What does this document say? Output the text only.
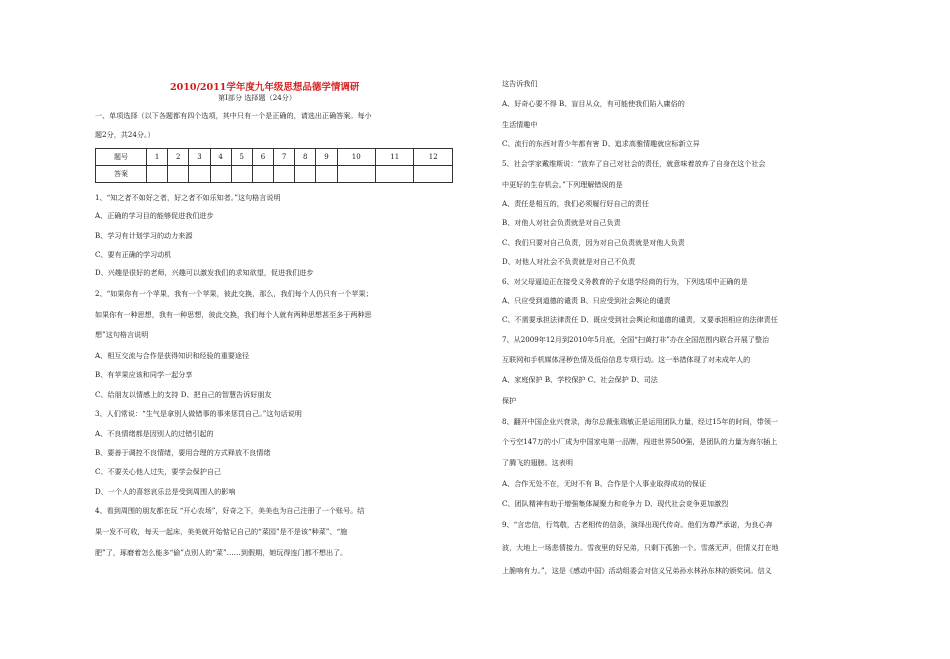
2010/2011学年度九年级思想品德学情调研
第Ⅰ部分 选择题（24分）
一、单项选择（以下各题都有四个选项，其中只有一个是正确的，请选出正确答案。每小
题2分，共24分。）
1、“知之者不如好之者，好之者不如乐知者。”这句格言说明
A、正确的学习目的能够促进我们进步
B、学习有计划学习的动力来源
C、要有正确的学习动机
D、兴趣是很好的老师，兴趣可以激发我们的求知欲望，促进我们进步
2、“如果你有一个苹果，我有一个苹果，彼此交换，那么，我们每个人仍只有一个苹果；
如果你有一种思想，我有一种思想，彼此交换，我们每个人就有两种思想甚至多于两种思
想”这句格言说明
A、相互交流与合作是获得知识和经验的重要途径
B、有苹果应该和同学一起分享
C、给朋友以情感上的支持 D、把自己的智慧告诉好朋友
3、人们常说：“生气是拿别人做错事的事来惩罚自己。”这句话说明
A、不良情绪都是因别人的过错引起的
B、要善于调控不良情绪，要用合理的方式释放不良情绪
C、不要关心他人过失，要学会保护自己
D、一个人的喜怒哀乐总是受到周围人的影响
4、看到周围的朋友都在玩 “开心农场”，好奇之下，美美也为自己注册了一个账号。结
果一发不可收，每天一起床，美美就开始惦记自己的“菜园”是不是该“种菜”、“施
肥”了，琢磨着怎么能多“偷”点别人的“菜”……到假期，她玩得连门都不想出了。
题号	1	2	3	4	5	6	7	8	9	10	11	12
答案												
这告诉我们
A、好奇心要不得 B、盲目从众，有可能使我们陷入庸俗的
生活情趣中
C、流行的东西对青少年都有害 D、追求高雅情趣就应标新立异
5、社会学家戴维斯说：“放弃了自己对社会的责任，就意味着放弃了自身在这个社会
中更好的生存机会。”下列理解错误的是
A、责任是相互的，我们必须履行好自己的责任
B、对他人对社会负责就是对自己负责
C、我们只要对自己负责，因为对自己负责就是对他人负责
D、对他人对社会不负责就是对自己不负责
6、对父母逼迫正在接受义务教育的子女退学经商的行为，下列选项中正确的是
A、只应受到道德的谴责 B、只应受到社会舆论的谴责
C、不需要承担法律责任 D、既应受到社会舆论和道德的谴责，又要承担相应的法律责任
7、从2009年12月到2010年5月底，全国“扫黄打非”办在全国范围内联合开展了整治
互联网和手机媒体淫秽色情及低俗信息专项行动。这一举措体现了对未成年人的
A、家庭保护 B、学校保护 C、社会保护 D、司法
保护
8、翻开中国企业兴衰录，海尔总裁张瑞敏正是运用团队力量，经过15年的时间，带领一
个亏空147万的小厂成为中国家电第一品牌，闯进世界500强，是团队的力量为海尔插上
了腾飞的翅膀。这表明
A、合作无处不在，无时不有 B、合作是个人事业取得成功的保证
C、团队精神有助于增强集体凝聚力和竞争力 D、现代社会竞争更加激烈
9、“言忠信，行笃敬，古老相传的信条，演绎出现代传奇。他们为尊严承诺，为良心奔
波，大地上一场悲情接力。雪夜里的好兄弟，只剩下孤独一个。雪落无声，但情义打在地
上脆响有力。”，这是《感动中国》活动组委会对信义兄弟孙水林孙东林的颁奖词。信义
